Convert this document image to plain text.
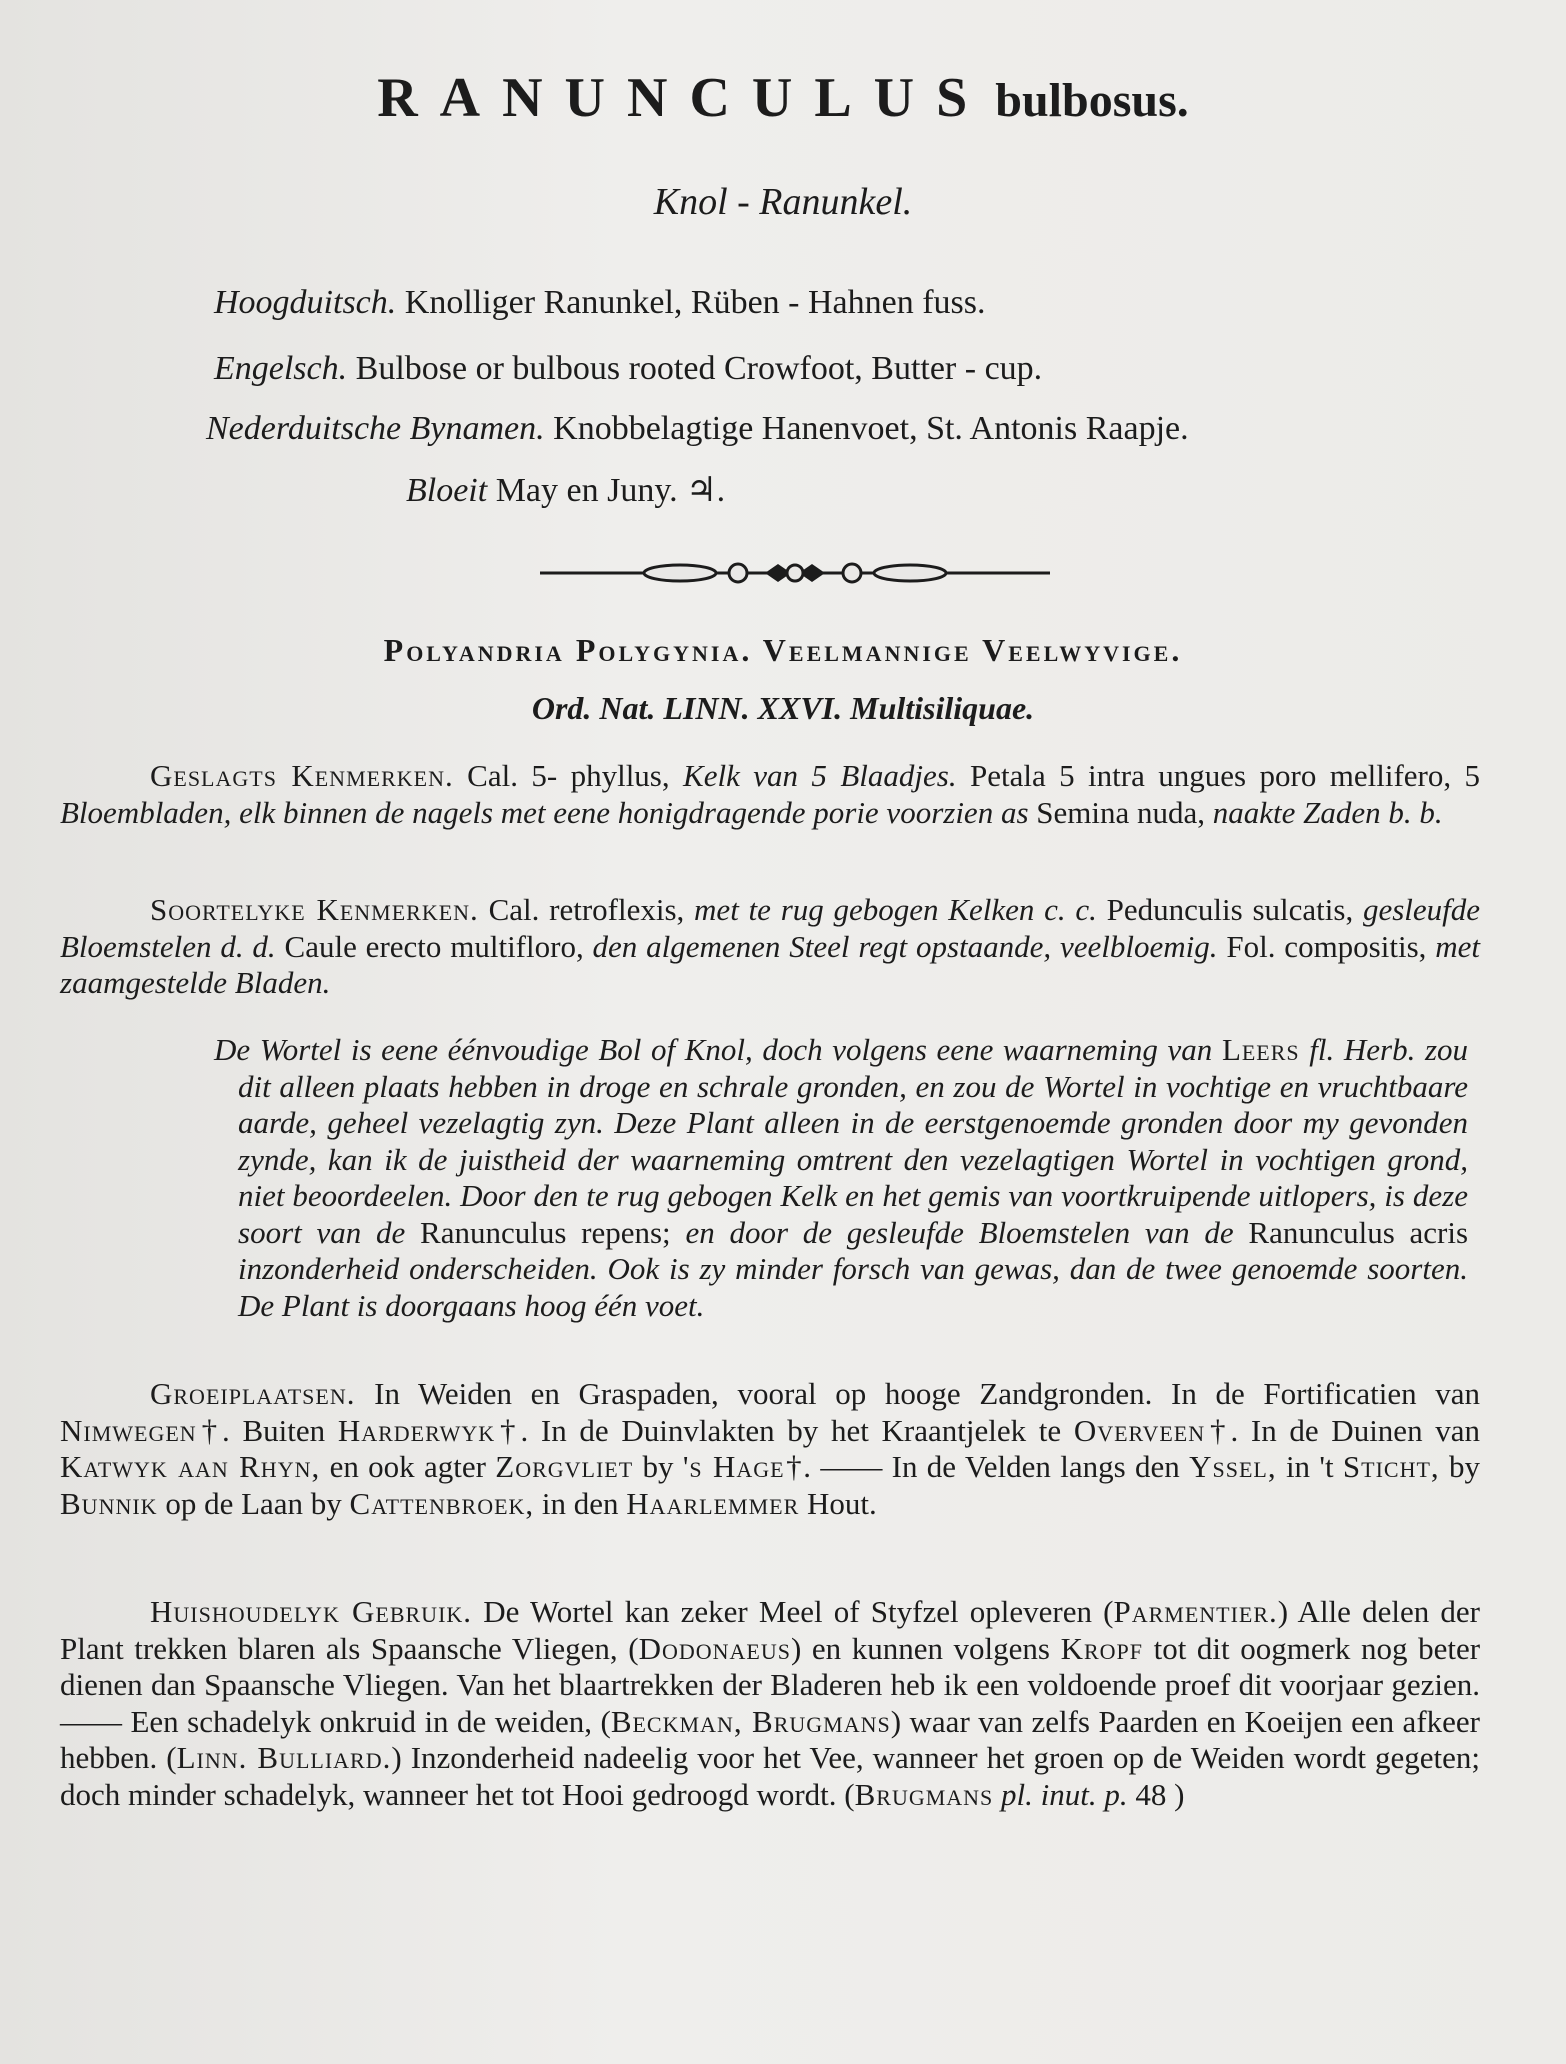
RANUNCULUS bulbosus.
Knol - Ranunkel.
Hoogduitsch. Knolliger Ranunkel, Rüben - Hahnen fuss.
Engelsch. Bulbose or bulbous rooted Crowfoot, Butter - cup.
Nederduitsche Bynamen. Knobbelagtige Hanenvoet, St. Antonis Raapje.
Bloeit May en Juny. ♃.
Polyandria Polygynia. Veelmannige Veelwyvige.
Ord. Nat. LINN. XXVI. Multisiliquae.
Geslagts Kenmerken. Cal. 5- phyllus, Kelk van 5 Blaadjes. Petala 5 intra ungues poro mellifero, 5 Bloembladen, elk binnen de nagels met eene honigdragende porie voorzien as Semina nuda, naakte Zaden b. b.
Soortelyke Kenmerken. Cal. retroflexis, met te rug gebogen Kelken c. c. Pedunculis sulcatis, gesleufde Bloemstelen d. d. Caule erecto multifloro, den algemenen Steel regt opstaande, veelbloemig. Fol. compositis, met zaamgestelde Bladen.
De Wortel is eene éénvoudige Bol of Knol, doch volgens eene waarneming van Leers fl. Herb. zou dit alleen plaats hebben in droge en schrale gronden, en zou de Wortel in vochtige en vruchtbaare aarde, geheel vezelagtig zyn. Deze Plant alleen in de eerstgenoemde gronden door my gevonden zynde, kan ik de juistheid der waarneming omtrent den vezelagtigen Wortel in vochtigen grond, niet beoordeelen. Door den te rug gebogen Kelk en het gemis van voortkruipende uitlopers, is deze soort van de Ranunculus repens; en door de gesleufde Bloemstelen van de Ranunculus acris inzonderheid onderscheiden. Ook is zy minder forsch van gewas, dan de twee genoemde soorten. De Plant is doorgaans hoog één voet.
Groeiplaatsen. In Weiden en Graspaden, vooral op hooge Zandgronden. In de Fortificatien van Nimwegen†. Buiten Harderwyk†. In de Duinvlakten by het Kraantjelek te Overveen†. In de Duinen van Katwyk aan Rhyn, en ook agter Zorgvliet by 's Hage†. —— In de Velden langs den Yssel, in 't Sticht, by Bunnik op de Laan by Cattenbroek, in den Haarlemmer Hout.
Huishoudelyk Gebruik. De Wortel kan zeker Meel of Styfzel opleveren (Parmentier.) Alle delen der Plant trekken blaren als Spaansche Vliegen, (Dodonaeus) en kunnen volgens Kropf tot dit oogmerk nog beter dienen dan Spaansche Vliegen. Van het blaartrekken der Bladeren heb ik een voldoende proef dit voorjaar gezien. —— Een schadelyk onkruid in de weiden, (Beckman, Brugmans) waar van zelfs Paarden en Koeijen een afkeer hebben. (Linn. Bulliard.) Inzonderheid nadeelig voor het Vee, wanneer het groen op de Weiden wordt gegeten; doch minder schadelyk, wanneer het tot Hooi gedroogd wordt. (Brugmans pl. inut. p. 48 )
